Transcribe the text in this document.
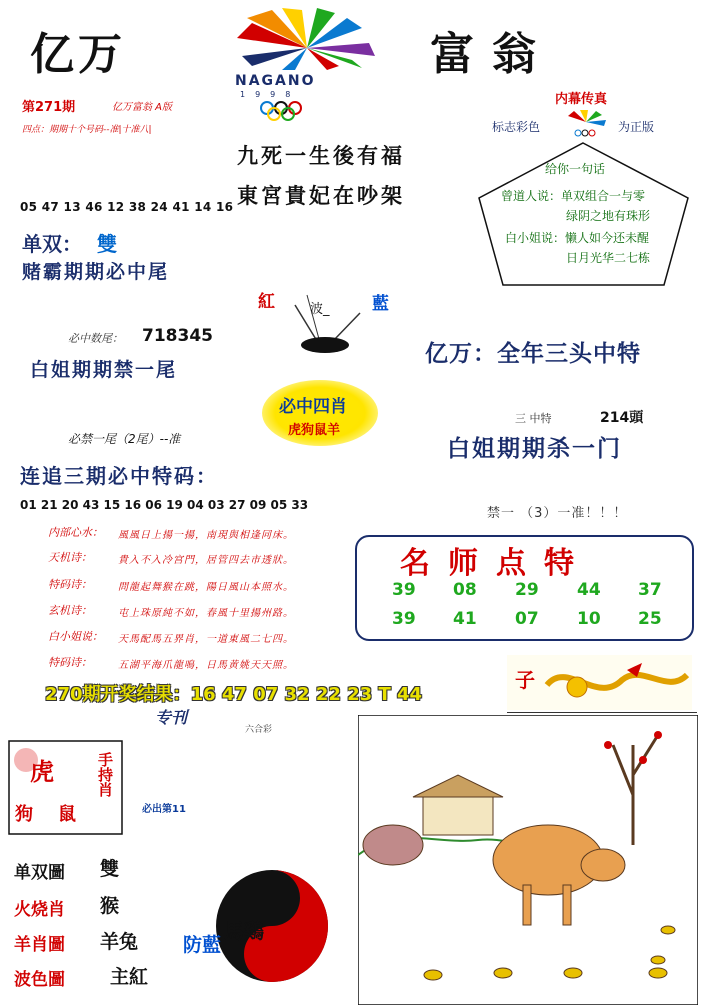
亿万	富翁
NAGANO
1998
第271期	亿万富翁 A版
四点：期期十个号码--准|十准八|
九死一生後有福
東宮貴妃在吵架
内幕传真
标志彩色	为正版
给你一句话
曾道人说：单双组合一与零
绿阴之地有珠形
白小姐说：懒人如今还未醒
日月光华二七栋
05 47 13 46 12 38 24 41 14 16
单双： 雙
赌霸期期必中尾
紅	波_ 藍
必中数尾： 718345
白姐期期禁一尾
亿万：全年三头中特
必中四肖
虎狗鼠羊
三 中特	214頭
白姐期期杀一门
必禁一尾（2尾）--准
连追三期必中特码：
01 21 20 43 15 16 06 19 04 03 27 09 05 33
禁一 （3）一准！！！
内部心水： 風風日上揚一揚，南現與相逢同床。
天机诗：	貴入不入冷宫門，居管四去市透狀。
特码诗：	問龍起舞猴在跳，陽日風山本照水。
玄机诗：	屯上珠原純不如，春風十里揚州路。
白小姐说： 天馬配馬五界肖，一道東風二七四。
特码诗：	五湖平海爪龍鳴，日馬黄姚天天照。
名师点特
39 08 29 44 37
39 41 07 10 25
270期开奖结果：16 47 07 32 22 23 T 44
子
专刊
六合彩
虎
狗 鼠
手持肖
必出第11
单双圖 雙
火烧肖 猴
羊肖圖 羊兔
波色圖 主紅
馬鷄
防藍
